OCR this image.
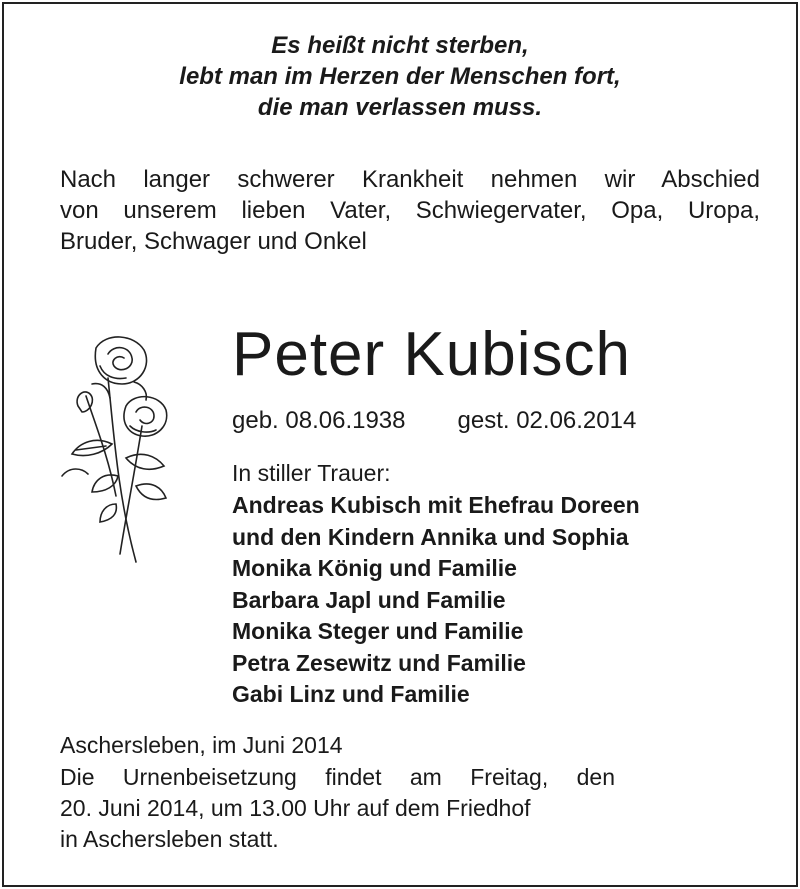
Es heißt nicht sterben,
lebt man im Herzen der Menschen fort,
die man verlassen muss.
Nach langer schwerer Krankheit nehmen wir Abschied
von unserem lieben Vater, Schwiegervater, Opa, Uropa,
Bruder, Schwager und Onkel
Peter Kubisch
geb. 08.06.1938 gest. 02.06.2014
In stiller Trauer:
Andreas Kubisch mit Ehefrau Doreen
und den Kindern Annika und Sophia
Monika König und Familie
Barbara Japl und Familie
Monika Steger und Familie
Petra Zesewitz und Familie
Gabi Linz und Familie
Aschersleben, im Juni 2014
Die Urnenbeisetzung findet am Freitag, den
20. Juni 2014, um 13.00 Uhr auf dem Friedhof
in Aschersleben statt.
